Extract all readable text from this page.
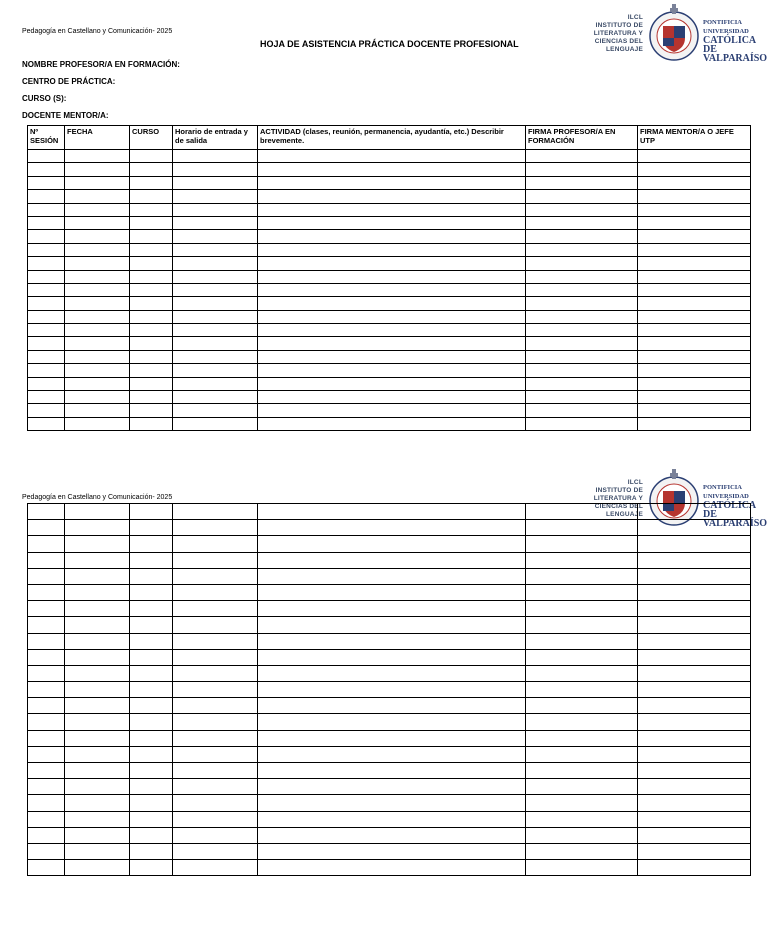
Pedagogía en Castellano y Comunicación- 2025
HOJA DE ASISTENCIA PRÁCTICA DOCENTE PROFESIONAL
ILCL
INSTITUTO DE
LITERATURA Y
CIENCIAS DEL
LENGUAJE
PONTIFICIA
UNIVERSIDAD
CATÓLICA DE
VALPARAÍSO
NOMBRE PROFESOR/A EN FORMACIÓN:
CENTRO DE PRÁCTICA:
CURSO (S):
DOCENTE MENTOR/A:
Nº SESIÓN	FECHA	CURSO	Horario de entrada y de salida	ACTIVIDAD (clases, reunión, permanencia, ayudantía, etc.) Describir brevemente.	FIRMA PROFESOR/A EN FORMACIÓN	FIRMA MENTOR/A O JEFE UTP

Pedagogía en Castellano y Comunicación- 2025
ILCL
INSTITUTO DE
LITERATURA Y
CIENCIAS DEL
LENGUAJE
PONTIFICIA
UNIVERSIDAD
CATÓLICA DE
VALPARAÍSO
